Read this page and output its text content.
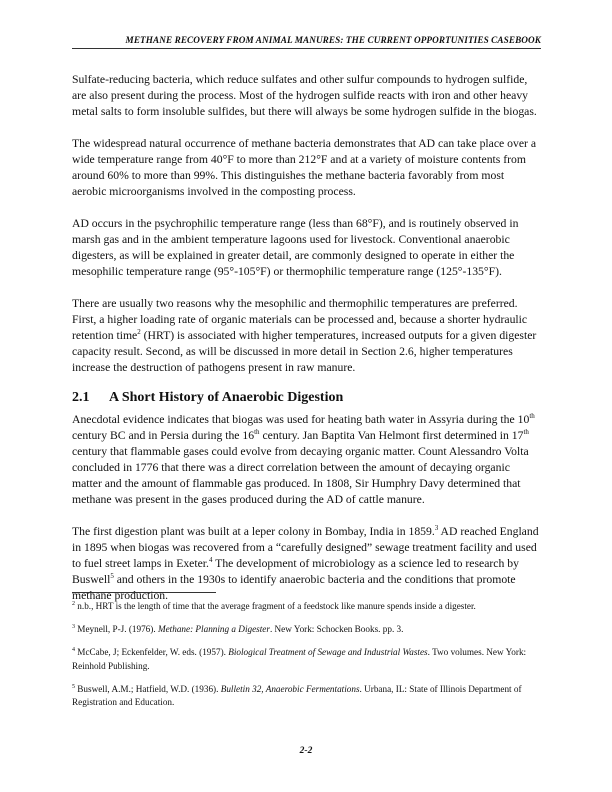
METHANE RECOVERY FROM ANIMAL MANURES: THE CURRENT OPPORTUNITIES CASEBOOK

Sulfate-reducing bacteria, which reduce sulfates and other sulfur compounds to hydrogen sulfide, are also present during the process. Most of the hydrogen sulfide reacts with iron and other heavy metal salts to form insoluble sulfides, but there will always be some hydrogen sulfide in the biogas.

The widespread natural occurrence of methane bacteria demonstrates that AD can take place over a wide temperature range from 40°F to more than 212°F and at a variety of moisture contents from around 60% to more than 99%. This distinguishes the methane bacteria favorably from most aerobic microorganisms involved in the composting process.

AD occurs in the psychrophilic temperature range (less than 68°F), and is routinely observed in marsh gas and in the ambient temperature lagoons used for livestock. Conventional anaerobic digesters, as will be explained in greater detail, are commonly designed to operate in either the mesophilic temperature range (95°-105°F) or thermophilic temperature range (125°-135°F).

There are usually two reasons why the mesophilic and thermophilic temperatures are preferred. First, a higher loading rate of organic materials can be processed and, because a shorter hydraulic retention time$^2$ (HRT) is associated with higher temperatures, increased outputs for a given digester capacity result. Second, as will be discussed in more detail in Section 2.6, higher temperatures increase the destruction of pathogens present in raw manure.

2.1	A Short History of Anaerobic Digestion

Anecdotal evidence indicates that biogas was used for heating bath water in Assyria during the 10th century BC and in Persia during the 16th century. Jan Baptita Van Helmont first determined in 17th century that flammable gases could evolve from decaying organic matter. Count Alessandro Volta concluded in 1776 that there was a direct correlation between the amount of decaying organic matter and the amount of flammable gas produced. In 1808, Sir Humphry Davy determined that methane was present in the gases produced during the AD of cattle manure.

The first digestion plant was built at a leper colony in Bombay, India in 1859.$^3$ AD reached England in 1895 when biogas was recovered from a “carefully designed” sewage treatment facility and used to fuel street lamps in Exeter.$^4$ The development of microbiology as a science led to research by Buswell$^5$ and others in the 1930s to identify anaerobic bacteria and the conditions that promote methane production.

$^2$ n.b., HRT is the length of time that the average fragment of a feedstock like manure spends inside a digester.

$^3$ Meynell, P-J. (1976). Methane: Planning a Digester. New York: Schocken Books. pp. 3.

$^4$ McCabe, J; Eckenfelder, W. eds. (1957). Biological Treatment of Sewage and Industrial Wastes. Two volumes. New York: Reinhold Publishing.

$^5$ Buswell, A.M.; Hatfield, W.D. (1936). Bulletin 32, Anaerobic Fermentations. Urbana, IL: State of Illinois Department of Registration and Education.

2-2
